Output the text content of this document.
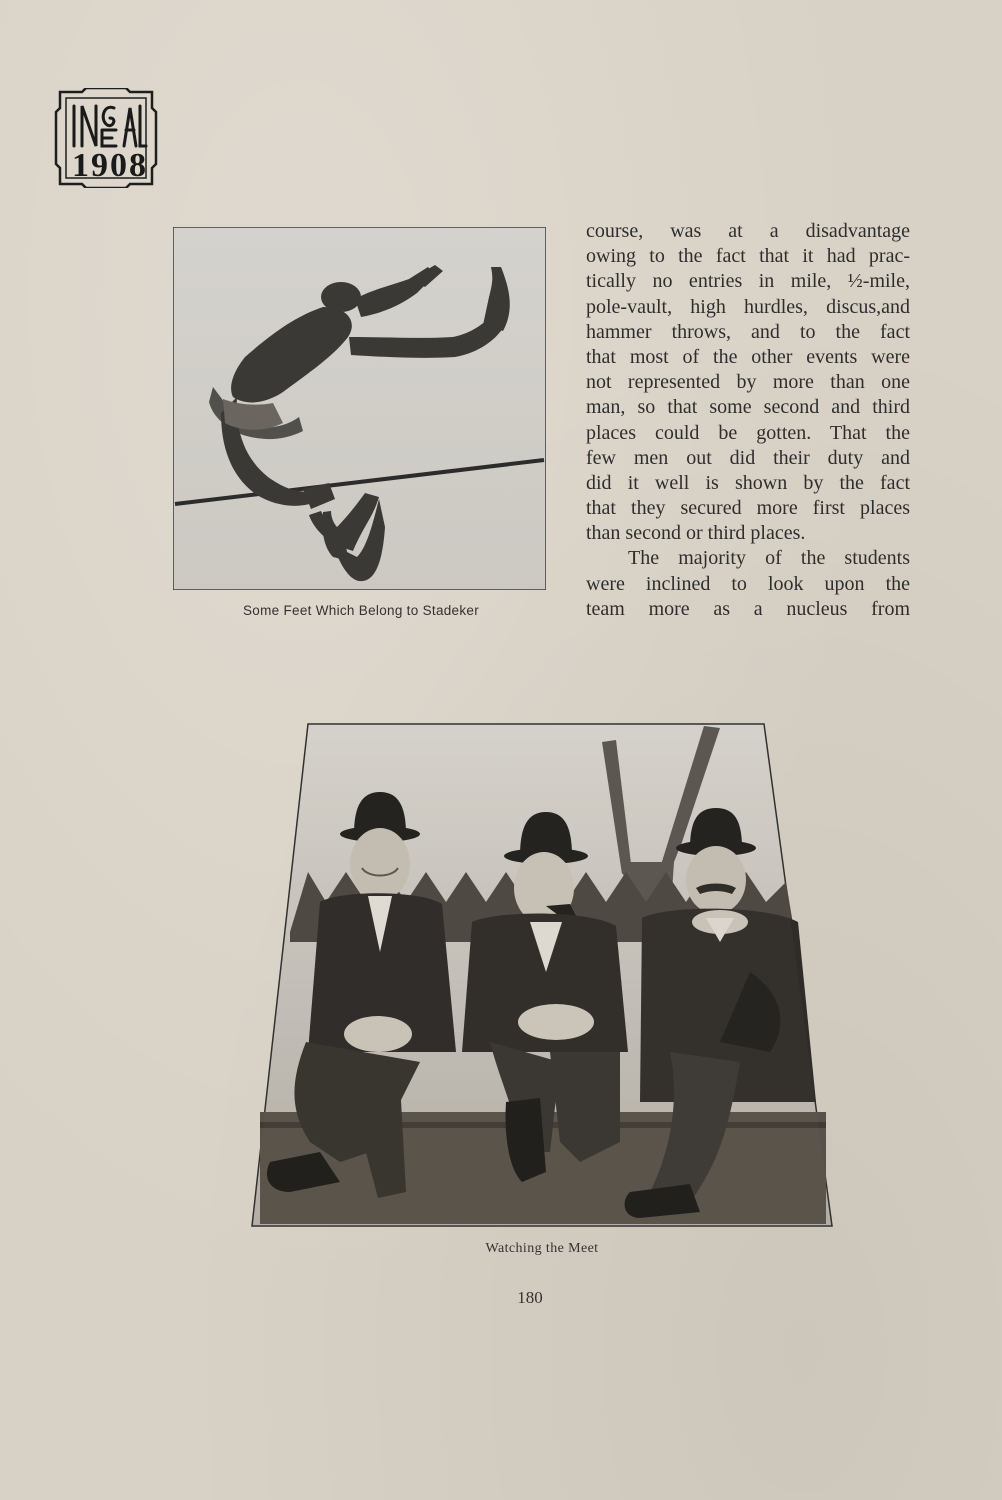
1908
Some Feet Which Belong to Stadeker
course, was at a disadvantage
owing to the fact that it had prac-
tically no entries in mile, ½-mile,
pole-vault, high hurdles, discus,and
hammer throws, and to the fact
that most of the other events were
not represented by more than one
man, so that some second and third
places could be gotten. That the
few men out did their duty and
did it well is shown by the fact
that they secured more first places
than second or third places.
The majority of the students
were inclined to look upon the
team more as a nucleus from
Watching the Meet
180
